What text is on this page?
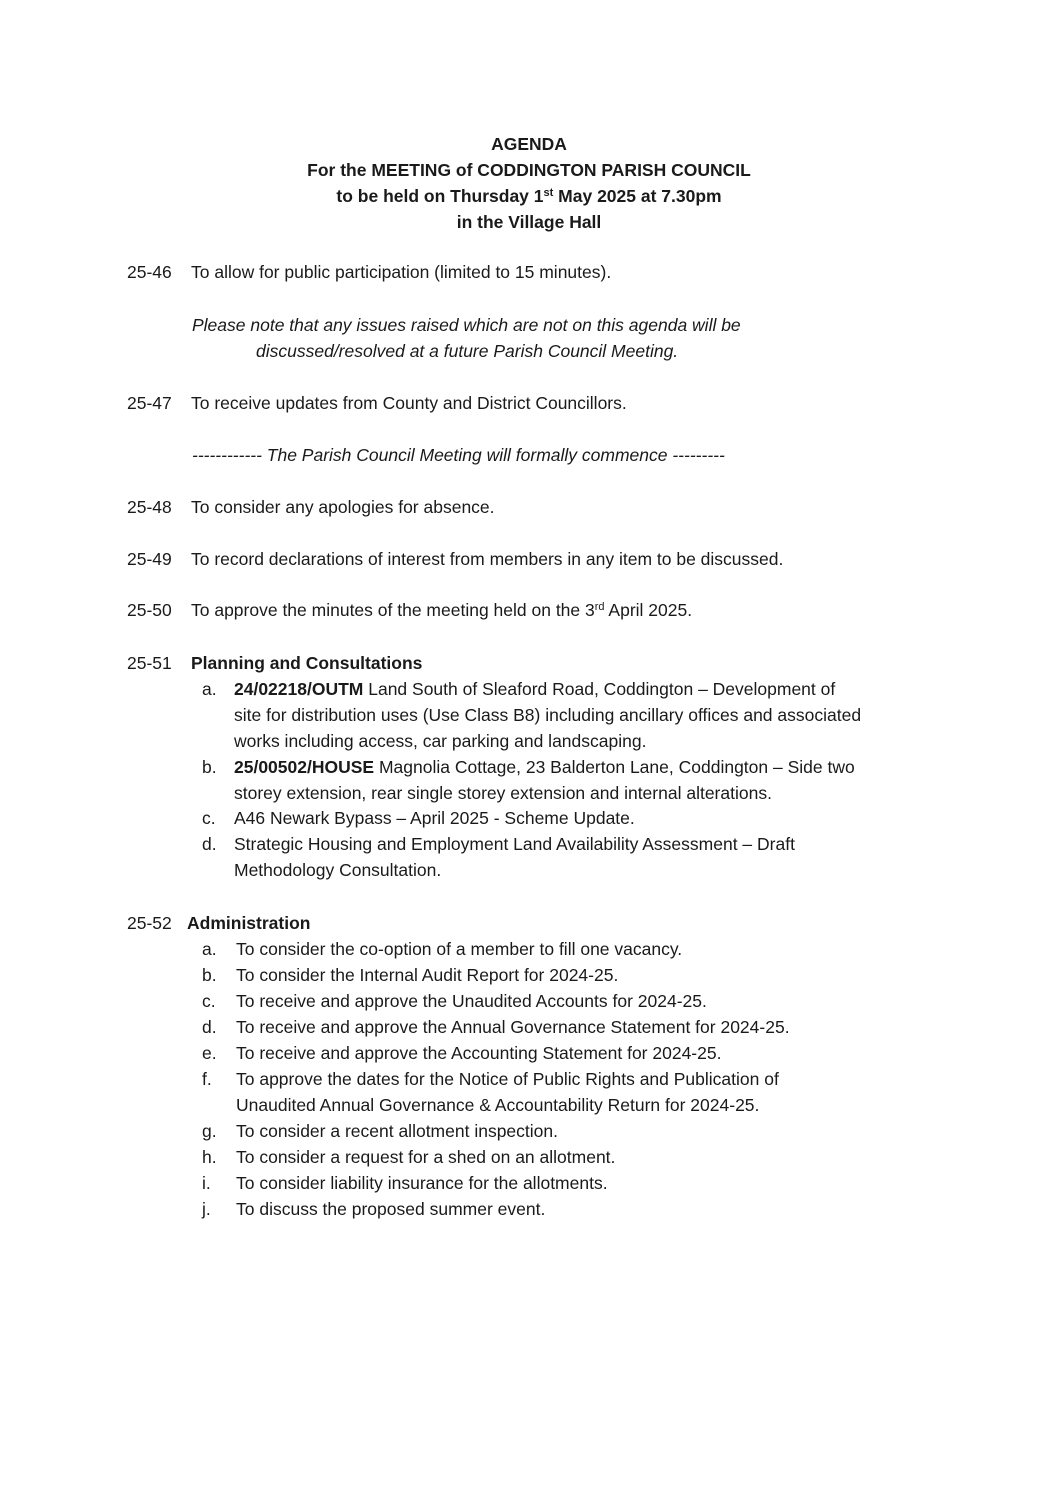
AGENDA
For the MEETING of CODDINGTON PARISH COUNCIL
to be held on Thursday 1st May 2025 at 7.30pm
in the Village Hall
25-46 To allow for public participation (limited to 15 minutes).
Please note that any issues raised which are not on this agenda will be
discussed/resolved at a future Parish Council Meeting.
25-47 To receive updates from County and District Councillors.
------------ The Parish Council Meeting will formally commence ---------
25-48 To consider any apologies for absence.
25-49 To record declarations of interest from members in any item to be discussed.
25-50 To approve the minutes of the meeting held on the 3rd April 2025.
25-51 Planning and Consultations
a. 24/02218/OUTM Land South of Sleaford Road, Coddington – Development of
site for distribution uses (Use Class B8) including ancillary offices and associated
works including access, car parking and landscaping.
b. 25/00502/HOUSE Magnolia Cottage, 23 Balderton Lane, Coddington – Side two
storey extension, rear single storey extension and internal alterations.
c. A46 Newark Bypass – April 2025 - Scheme Update.
d. Strategic Housing and Employment Land Availability Assessment – Draft
Methodology Consultation.
25-52 Administration
a. To consider the co-option of a member to fill one vacancy.
b. To consider the Internal Audit Report for 2024-25.
c. To receive and approve the Unaudited Accounts for 2024-25.
d. To receive and approve the Annual Governance Statement for 2024-25.
e. To receive and approve the Accounting Statement for 2024-25.
f. To approve the dates for the Notice of Public Rights and Publication of
Unaudited Annual Governance & Accountability Return for 2024-25.
g. To consider a recent allotment inspection.
h. To consider a request for a shed on an allotment.
i. To consider liability insurance for the allotments.
j. To discuss the proposed summer event.
